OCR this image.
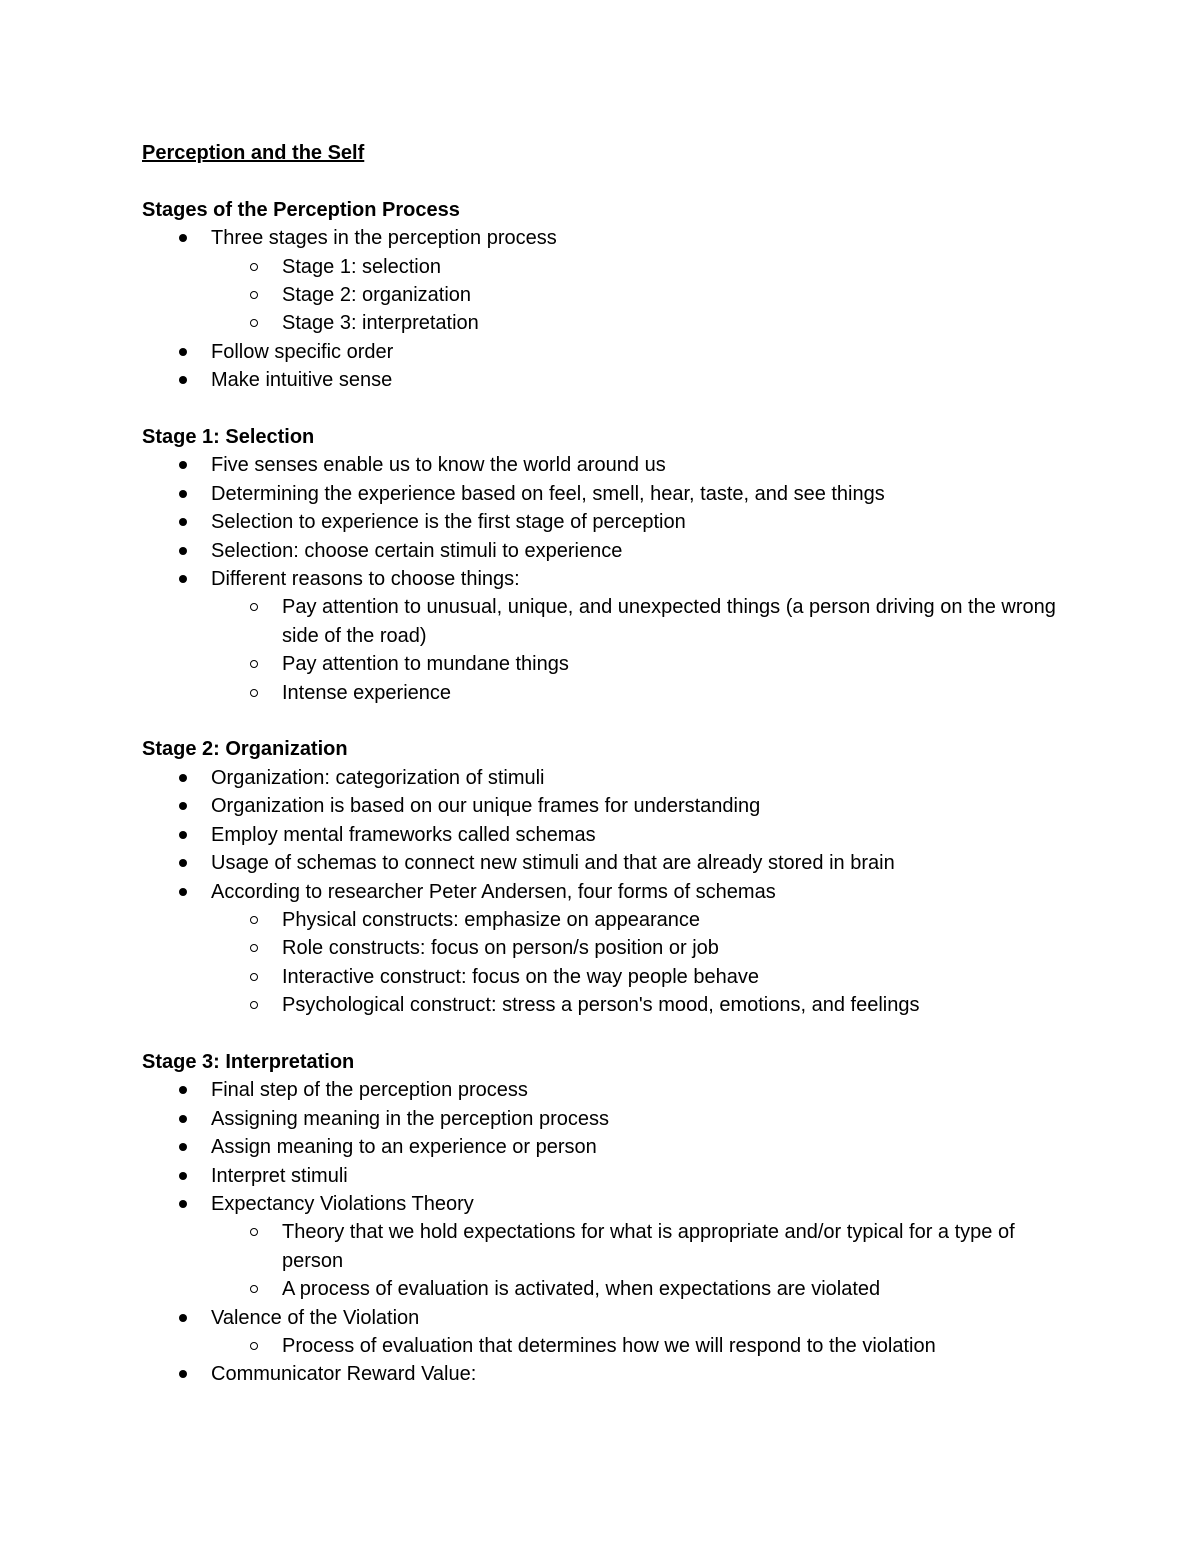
Perception and the Self

Stages of the Perception Process

Three stages in the perception process
Stage 1: selection
Stage 2: organization
Stage 3: interpretation
Follow specific order
Make intuitive sense

Stage 1: Selection

Five senses enable us to know the world around us
Determining the experience based on feel, smell, hear, taste, and see things
Selection to experience is the first stage of perception
Selection: choose certain stimuli to experience
Different reasons to choose things:
Pay attention to unusual, unique, and unexpected things (a person driving on the wrong side of the road)
Pay attention to mundane things
Intense experience

Stage 2: Organization

Organization: categorization of stimuli
Organization is based on our unique frames for understanding
Employ mental frameworks called schemas
Usage of schemas to connect new stimuli and that are already stored in brain
According to researcher Peter Andersen, four forms of schemas
Physical constructs: emphasize on appearance
Role constructs: focus on person/s position or job
Interactive construct: focus on the way people behave
Psychological construct: stress a person's mood, emotions, and feelings

Stage 3: Interpretation

Final step of the perception process
Assigning meaning in the perception process
Assign meaning to an experience or person
Interpret stimuli
Expectancy Violations Theory
Theory that we hold expectations for what is appropriate and/or typical for a type of person
A process of evaluation is activated, when expectations are violated
Valence of the Violation
Process of evaluation that determines how we will respond to the violation
Communicator Reward Value:
